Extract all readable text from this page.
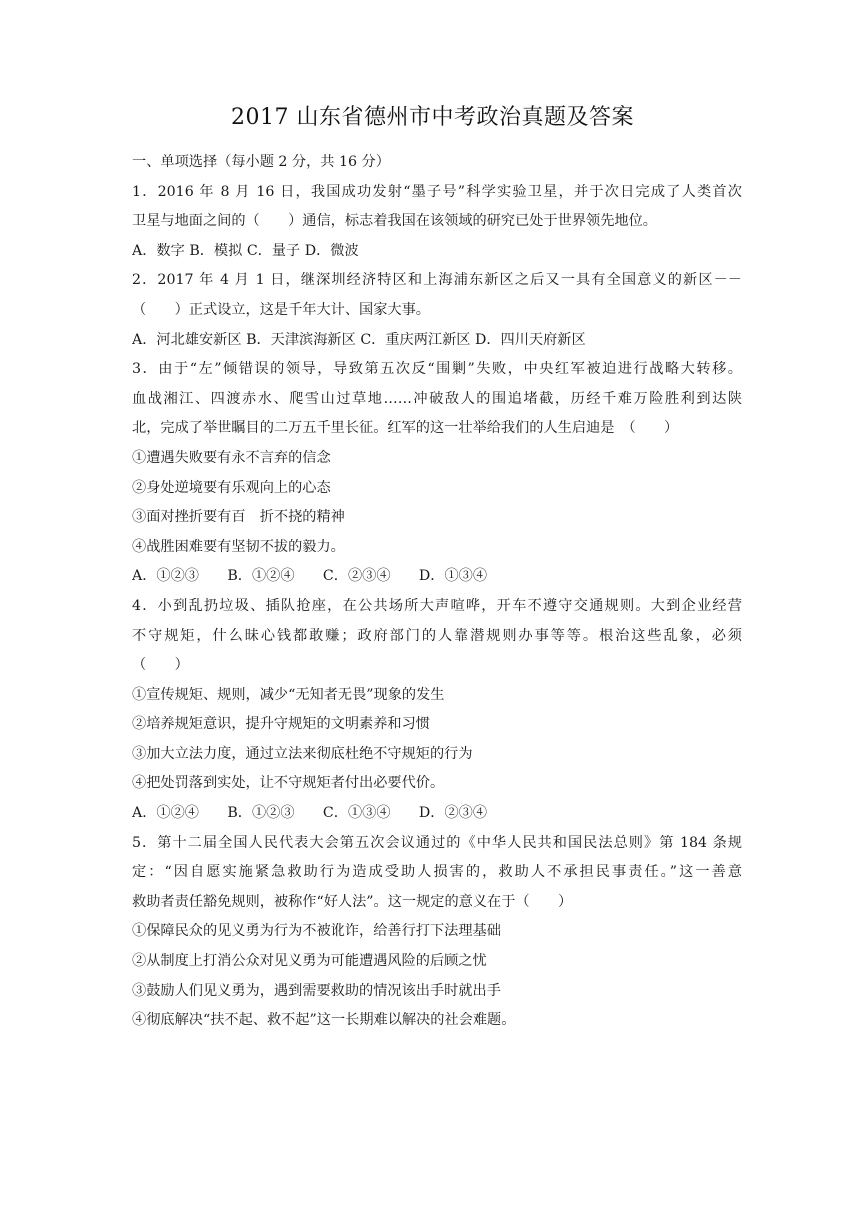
2017 山东省德州市中考政治真题及答案
一、单项选择（每小题 2 分，共 16 分）
1．2016 年 8 月 16 日，我国成功发射“墨子号”科学实验卫星，并于次日完成了人类首次
卫星与地面之间的（　　）通信，标志着我国在该领域的研究已处于世界领先地位。
A．数字 B．模拟 C．量子 D．微波
2．2017 年 4 月 1 日，继深圳经济特区和上海浦东新区之后又一具有全国意义的新区－－
（　　）正式设立，这是千年大计、国家大事。
A．河北雄安新区 B．天津滨海新区 C．重庆两江新区 D．四川天府新区
3．由于“左”倾错误的领导，导致第五次反“围剿”失败，中央红军被迫进行战略大转移。
血战湘江、四渡赤水、爬雪山过草地……冲破敌人的围追堵截，历经千难万险胜利到达陕
北，完成了举世瞩目的二万五千里长征。红军的这一壮举给我们的人生启迪是　（　　）
①遭遇失败要有永不言弃的信念
②身处逆境要有乐观向上的心态
③面对挫折要有百　折不挠的精神
④战胜困难要有坚韧不拔的毅力。
A．①②③　　B．①②④　　C．②③④　　D．①③④
4．小到乱扔垃圾、插队抢座，在公共场所大声喧哗，开车不遵守交通规则。大到企业经营
不守规矩，什么昧心钱都敢赚；政府部门的人靠潜规则办事等等。根治这些乱象，必须
（　　）
①宣传规矩、规则，减少“无知者无畏”现象的发生
②培养规矩意识，提升守规矩的文明素养和习惯
③加大立法力度，通过立法来彻底杜绝不守规矩的行为
④把处罚落到实处，让不守规矩者付出必要代价。
A．①②④　　B．①②③　　C．①③④　　D．②③④
5．第十二届全国人民代表大会第五次会议通过的《中华人民共和国民法总则》第 184 条规
定：“因自愿实施紧急救助行为造成受助人损害的，救助人不承担民事责任。”这一善意
救助者责任豁免规则，被称作“好人法”。这一规定的意义在于（　　）
①保障民众的见义勇为行为不被讹诈，给善行打下法理基础
②从制度上打消公众对见义勇为可能遭遇风险的后顾之忧
③鼓励人们见义勇为，遇到需要救助的情况该出手时就出手
④彻底解决“扶不起、救不起”这一长期难以解决的社会难题。
